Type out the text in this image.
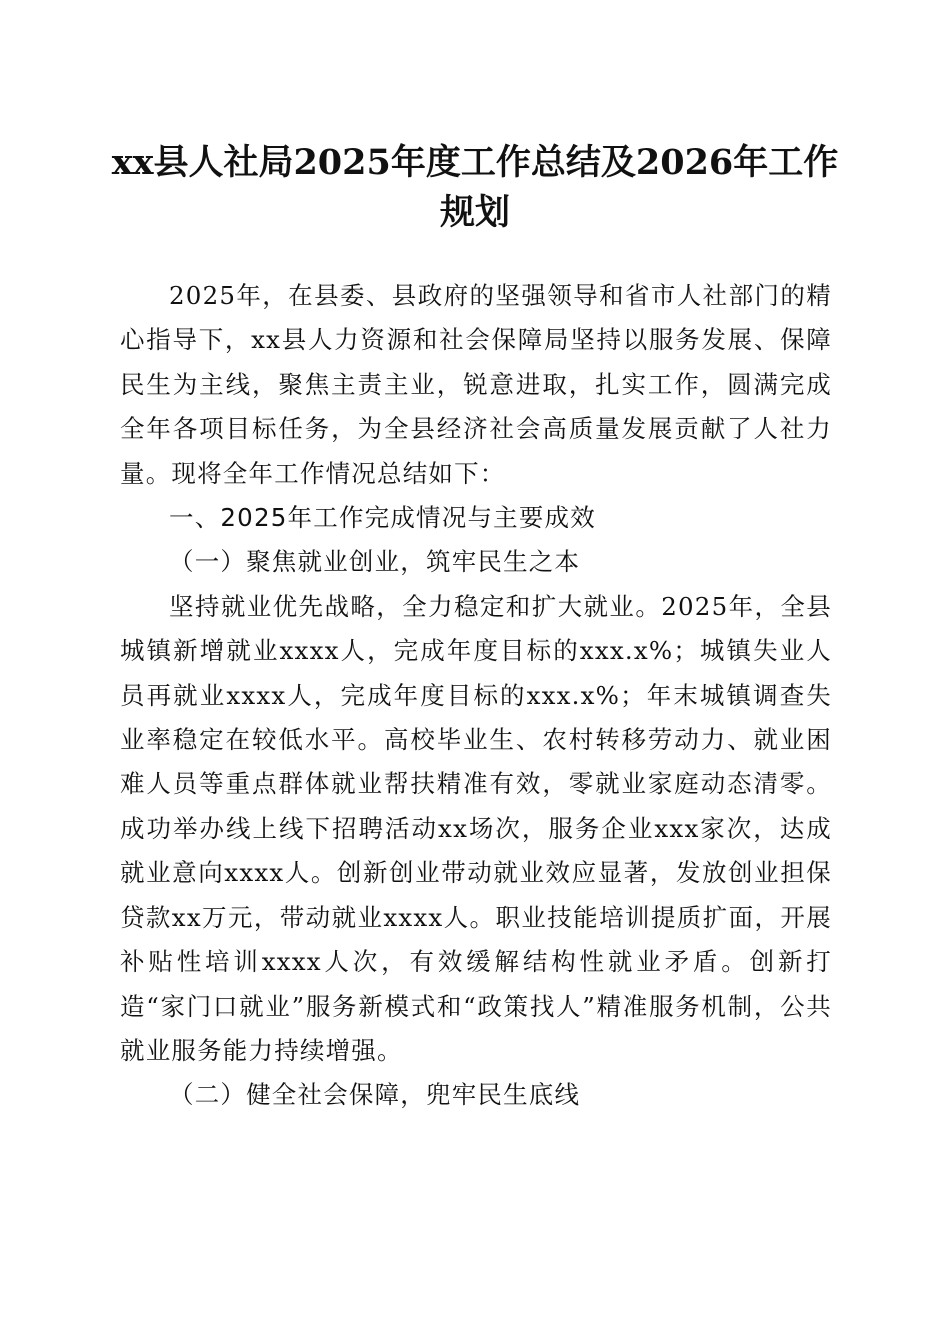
xx县人社局2025年度工作总结及2026年工作规划

2025年，在县委、县政府的坚强领导和省市人社部门的精心指导下，xx县人力资源和社会保障局坚持以服务发展、保障民生为主线，聚焦主责主业，锐意进取，扎实工作，圆满完成全年各项目标任务，为全县经济社会高质量发展贡献了人社力量。现将全年工作情况总结如下：

一、2025年工作完成情况与主要成效

（一）聚焦就业创业，筑牢民生之本

坚持就业优先战略，全力稳定和扩大就业。2025年，全县城镇新增就业xxxx人，完成年度目标的xxx.x%；城镇失业人员再就业xxxx人，完成年度目标的xxx.x%；年末城镇调查失业率稳定在较低水平。高校毕业生、农村转移劳动力、就业困难人员等重点群体就业帮扶精准有效，零就业家庭动态清零。成功举办线上线下招聘活动xx场次，服务企业xxx家次，达成就业意向xxxx人。创新创业带动就业效应显著，发放创业担保贷款xx万元，带动就业xxxx人。职业技能培训提质扩面，开展补贴性培训xxxx人次，有效缓解结构性就业矛盾。创新打造“家门口就业”服务新模式和“政策找人”精准服务机制，公共就业服务能力持续增强。

（二）健全社会保障，兜牢民生底线
